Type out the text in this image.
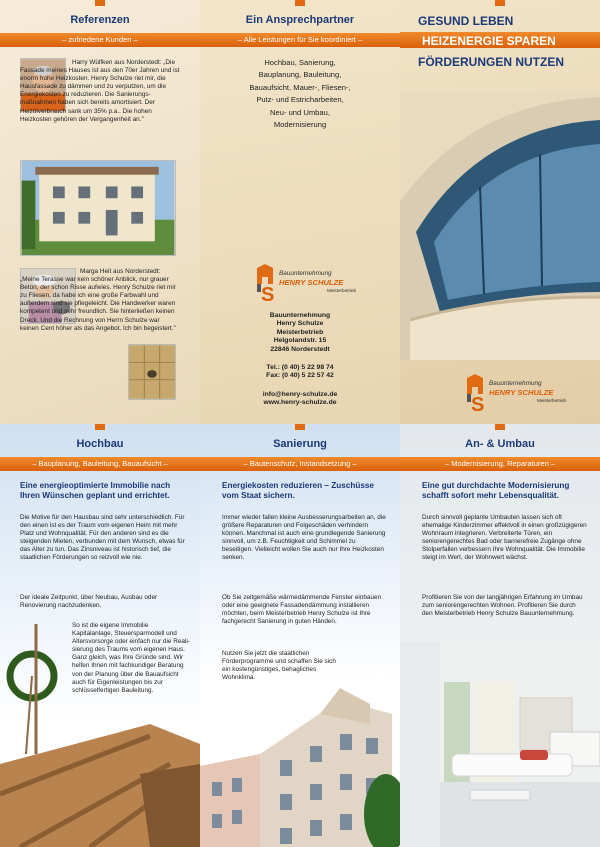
Referenzen
– zufriedene Kunden –
Harry Wülfken aus Norderstedt: „Die Fassade meines Hauses ist aus den 70er Jahren und ist enorm hohe Heizkosten. Henry Schulze riet mir, die Hausfassade zu dämmen und zu verputzen, um die Energiekosten zu reduzieren. Die Sanierungs-maßnahmen haben sich bereits amortisiert. Der Heizölverbrauch sank um 35% p.a.. Die hohen Heizkosten gehören der Vergangenheit an."
Marga Heit aus Norderstedt: „Meine Terasse war kein schöner Anblick, nur grauer Beton, der schon Risse aufwies. Henry Schulze riet mir zu Fliesen, da habe ich eine große Farbwahl und außerdem sind sie pflegeleicht. Die Handwerker waren kompetent und sehr freundlich. Sie hinterließen keinen Dreck. Und die Rechnung von Herrn Schulze war keinen Cent höher als das Angebot. Ich bin begeistert."
Ein Ansprechpartner
– Alle Leistungen für Sie koordiniert –
Hochbau, Sanierung,
Bauplanung, Bauleitung,
Bauaufsicht, Mauer-, Fliesen-,
Putz- und Estricharbeiten,
Neu- und Umbau,
Modernisierung
S
Bauunternehmung
HENRY SCHULZE
Meisterbetrieb
Bauunternehmung
Henry Schulze
Meisterbetrieb
Helgolandstr. 15
22846 Norderstedt
Tel.: (0 40) 5 22 98 74
Fax: (0 40) 5 22 57 42
info@henry-schulze.de
www.henry-schulze.de
GESUND LEBEN
HEIZENERGIE SPAREN
FÖRDERUNGEN NUTZEN
S
Bauunternehmung
HENRY SCHULZE
Meisterbetrieb
Hochbau
– Bauplanung, Bauleitung, Bauaufsicht –
Eine energieoptimierte Immobilie nach Ihren Wünschen geplant und errichtet.
Die Motive für den Hausbau sind sehr unterschiedlich. Für den einen ist es der Traum vom eigenen Heim mit mehr Platz und Wohnqualität. Für den anderen sind es die steigenden Mieten, verbunden mit dem Wunsch, etwas für das Alter zu tun. Das Zinsniveau ist historisch tief, die staatlichen Förderungen so reizvoll wie nie.
Der ideale Zeitpunkt, über Neubau, Ausbau oder Renovierung nachzudenken.
So ist die eigene Immobilie Kapitalanlage, Steuersparmodell und Altersvorsorge oder einfach nur die Reali-sierung des Traums vom eigenen Haus. Ganz gleich, was Ihre Gründe sind. Wir helfen Ihnen mit fachkundiger Beratung von der Planung über die Bauaufsicht auch für Eigenleistungen bis zur schlüsselfertigen Bauleitung.
Sanierung
– Bautenschutz, Instandsetzung –
Energiekosten reduzieren – Zuschüsse vom Staat sichern.
Immer wieder fallen kleine Ausbesserungsarbeiten an, die größere Reparaturen und Folgeschäden verhindern können. Manchmal ist auch eine grundlegende Sanierung sinnvoll, um z.B. Feuchtigkeit und Schimmel zu beseitigen. Vielleicht wollen Sie auch nur Ihre Heizkosten senken.
Ob Sie zeitgemäße wärmedämmende Fenster einbauen oder eine geeignete Fassadendämmung installieren möchten, beim Meisterbetrieb Henry Schulze ist Ihre fachgerecht Sanierung in guten Händen.
Nutzen Sie jetzt die staatlichen Förderprogramme und schaffen Sie sich ein kostengünstiges, behagliches Wohnklima.
An- & Umbau
– Modernisierung, Reparaturen –
Eine gut durchdachte Modernisierung schafft sofort mehr Lebensqualität.
Durch sinnvoll geplante Umbauten lassen sich oft ehemalige Kinderzimmer effektvoll in einen großzügigeren Wohnraum integrieren. Verbreiterte Türen, ein seniorengerechtes Bad oder barrierefreie Zugänge ohne Stolperfallen verbessern Ihre Wohnqualität. Die Immobilie steigt im Wert, der Wohnwert wächst.
Profitieren Sie von der langjährigen Erfahrung im Umbau zum seniorengerechten Wohnen. Profitieren Sie durch den Meisterbetrieb Henry Schulze Bauunternehmung.
